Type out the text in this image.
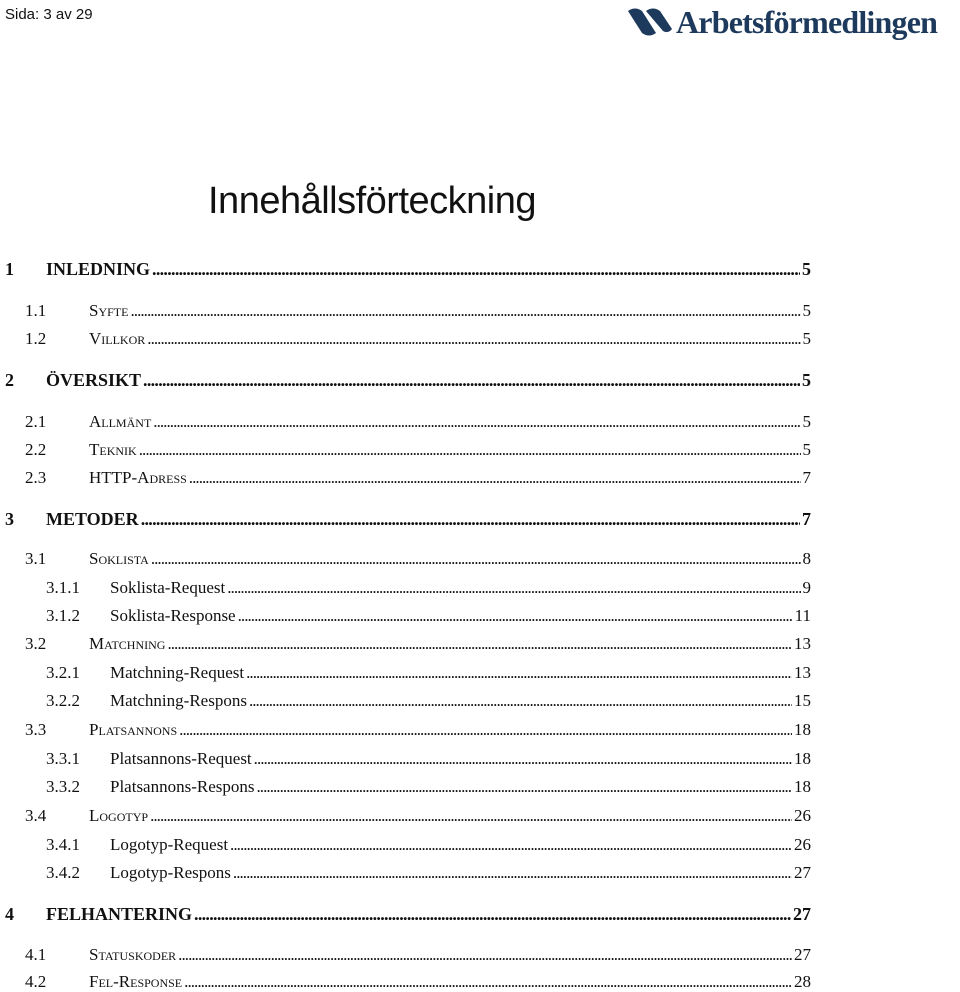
Sida: 3 av 29	Arbetsförmedlingen
Innehållsförteckning
1	INLEDNING . . .	5
1.1	Syfte . . .	5
1.2	Villkor . . .	5
2	ÖVERSIKT . . .	5
2.1	Allmänt . . .	5
2.2	Teknik . . .	5
2.3	HTTP-Adress . . .	7
3	METODER . . .	7
3.1	Soklista . . .	8
3.1.1	Soklista-Request . . .	9
3.1.2	Soklista-Response . . .	11
3.2	Matchning . . .	13
3.2.1	Matchning-Request . . .	13
3.2.2	Matchning-Respons . . .	15
3.3	Platsannons . . .	18
3.3.1	Platsannons-Request . . .	18
3.3.2	Platsannons-Respons . . .	18
3.4	Logotyp . . .	26
3.4.1	Logotyp-Request . . .	26
3.4.2	Logotyp-Respons . . .	27
4	FELHANTERING . . .	27
4.1	Statuskoder . . .	27
4.2	Fel-Response . . .	28
